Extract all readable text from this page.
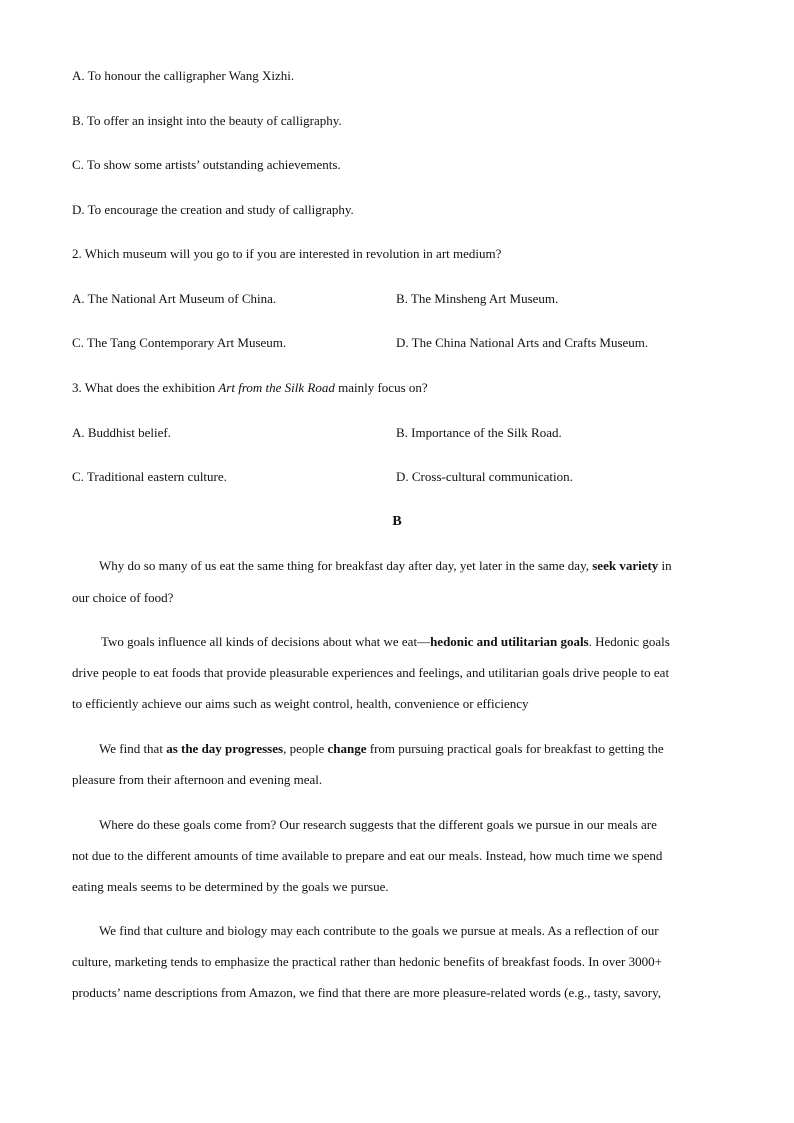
A. To honour the calligrapher Wang Xizhi.
B. To offer an insight into the beauty of calligraphy.
C. To show some artists’ outstanding achievements.
D. To encourage the creation and study of calligraphy.
2. Which museum will you go to if you are interested in revolution in art medium?
A. The National Art Museum of China.	B. The Minsheng Art Museum.
C. The Tang Contemporary Art Museum.	D. The China National Arts and Crafts Museum.
3. What does the exhibition Art from the Silk Road mainly focus on?
A. Buddhist belief.	B. Importance of the Silk Road.
C. Traditional eastern culture.	D. Cross-cultural communication.
B
Why do so many of us eat the same thing for breakfast day after day, yet later in the same day, seek variety in
our choice of food?
Two goals influence all kinds of decisions about what we eat—hedonic and utilitarian goals. Hedonic goals
drive people to eat foods that provide pleasurable experiences and feelings, and utilitarian goals drive people to eat
to efficiently achieve our aims such as weight control, health, convenience or efficiency
We find that as the day progresses, people change from pursuing practical goals for breakfast to getting the
pleasure from their afternoon and evening meal.
Where do these goals come from? Our research suggests that the different goals we pursue in our meals are
not due to the different amounts of time available to prepare and eat our meals. Instead, how much time we spend
eating meals seems to be determined by the goals we pursue.
We find that culture and biology may each contribute to the goals we pursue at meals. As a reflection of our
culture, marketing tends to emphasize the practical rather than hedonic benefits of breakfast foods. In over 3000+
products’ name descriptions from Amazon, we find that there are more pleasure-related words (e.g., tasty, savory,
